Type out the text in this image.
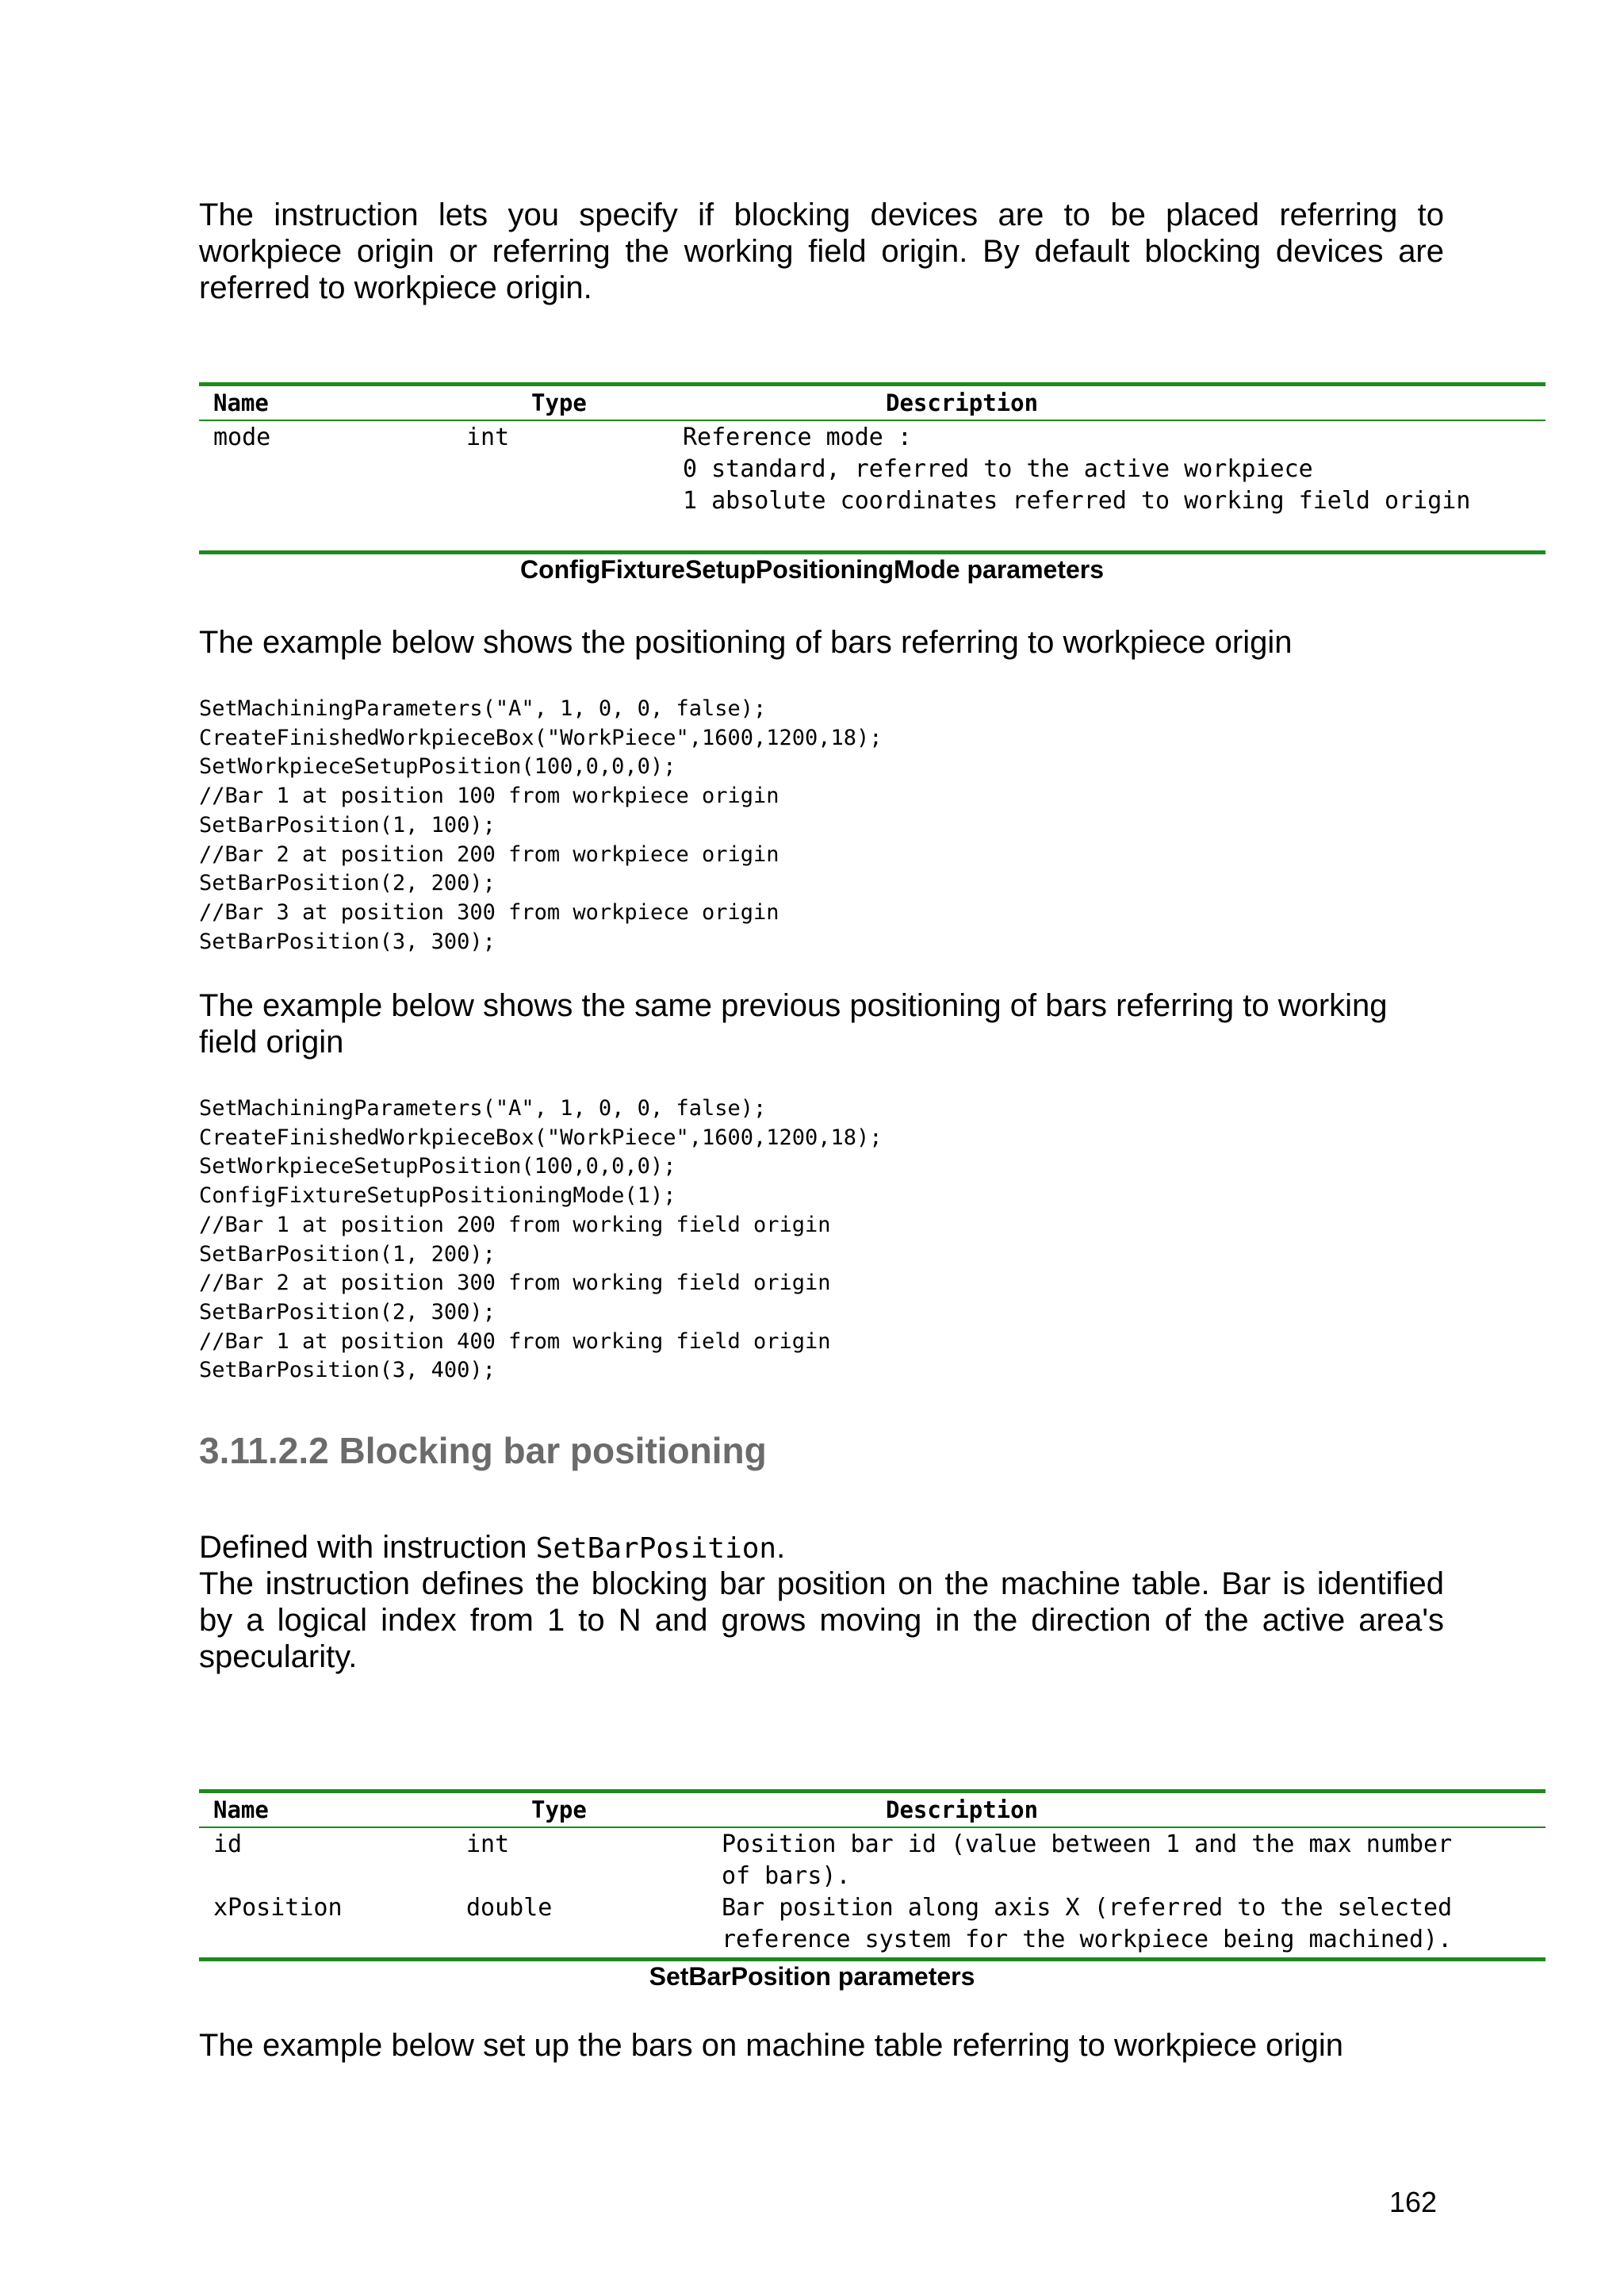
The instruction lets you specify if blocking devices are to be placed referring to workpiece origin or referring the working field origin. By default blocking devices are referred to workpiece origin.
Name	Type	Description
mode	int	Reference mode :
0 standard, referred to the active workpiece
1 absolute coordinates referred to working field origin
ConfigFixtureSetupPositioningMode parameters
The example below shows the positioning of bars referring to workpiece origin
SetMachiningParameters("A", 1, 0, 0, false);
CreateFinishedWorkpieceBox("WorkPiece",1600,1200,18);
SetWorkpieceSetupPosition(100,0,0,0);
//Bar 1 at position 100 from workpiece origin
SetBarPosition(1, 100);
//Bar 2 at position 200 from workpiece origin
SetBarPosition(2, 200);
//Bar 3 at position 300 from workpiece origin
SetBarPosition(3, 300);
The example below shows the same previous positioning of bars referring to working field origin
SetMachiningParameters("A", 1, 0, 0, false);
CreateFinishedWorkpieceBox("WorkPiece",1600,1200,18);
SetWorkpieceSetupPosition(100,0,0,0);
ConfigFixtureSetupPositioningMode(1);
//Bar 1 at position 200 from working field origin
SetBarPosition(1, 200);
//Bar 2 at position 300 from working field origin
SetBarPosition(2, 300);
//Bar 1 at position 400 from working field origin
SetBarPosition(3, 400);
3.11.2.2 Blocking bar positioning
Defined with instruction SetBarPosition.
The instruction defines the blocking bar position on the machine table. Bar is identified by a logical index from 1 to N and grows moving in the direction of the active area's specularity.
Name	Type	Description
id	int	Position bar id (value between 1 and the max number
of bars).
xPosition	double	Bar position along axis X (referred to the selected
reference system for the workpiece being machined).
SetBarPosition parameters
The example below set up the bars on machine table referring to workpiece origin
162
